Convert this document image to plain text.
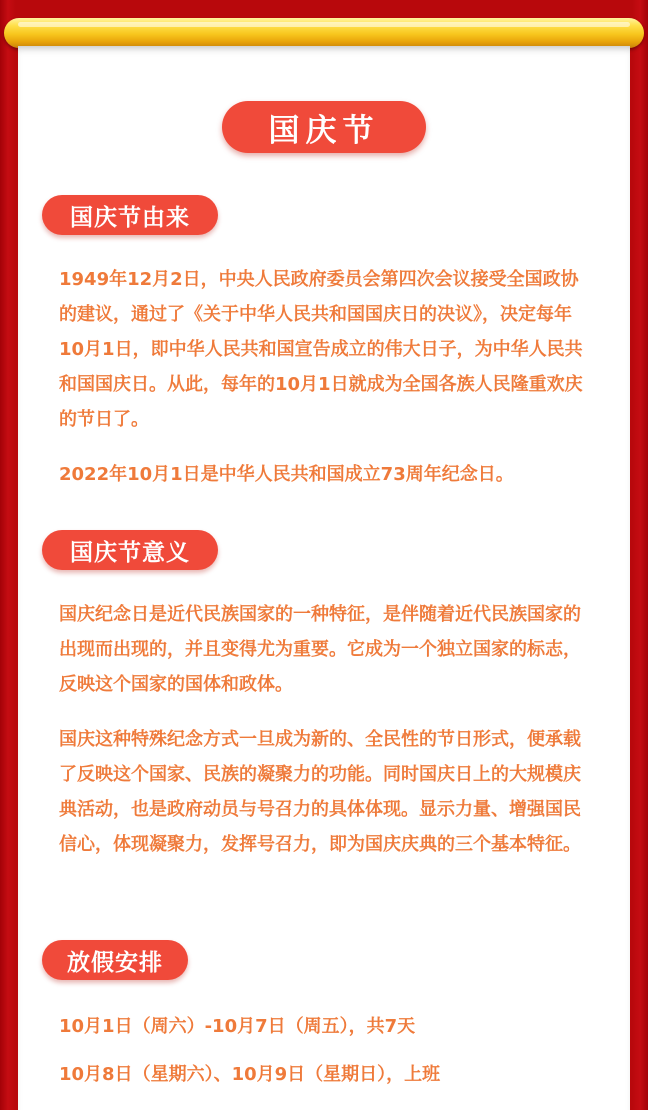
国庆节
国庆节由来

1949年12月2日，中央人民政府委员会第四次会议接受全国政协的建议，通过了《关于中华人民共和国国庆日的决议》，决定每年10月1日，即中华人民共和国宣告成立的伟大日子，为中华人民共和国国庆日。从此，每年的10月1日就成为全国各族人民隆重欢庆的节日了。

2022年10月1日是中华人民共和国成立73周年纪念日。

国庆节意义

国庆纪念日是近代民族国家的一种特征，是伴随着近代民族国家的出现而出现的，并且变得尤为重要。它成为一个独立国家的标志，反映这个国家的国体和政体。

国庆这种特殊纪念方式一旦成为新的、全民性的节日形式，便承载了反映这个国家、民族的凝聚力的功能。同时国庆日上的大规模庆典活动，也是政府动员与号召力的具体体现。显示力量、增强国民信心，体现凝聚力，发挥号召力，即为国庆庆典的三个基本特征。

放假安排

10月1日（周六）-10月7日（周五），共7天

10月8日（星期六）、10月9日（星期日），上班
